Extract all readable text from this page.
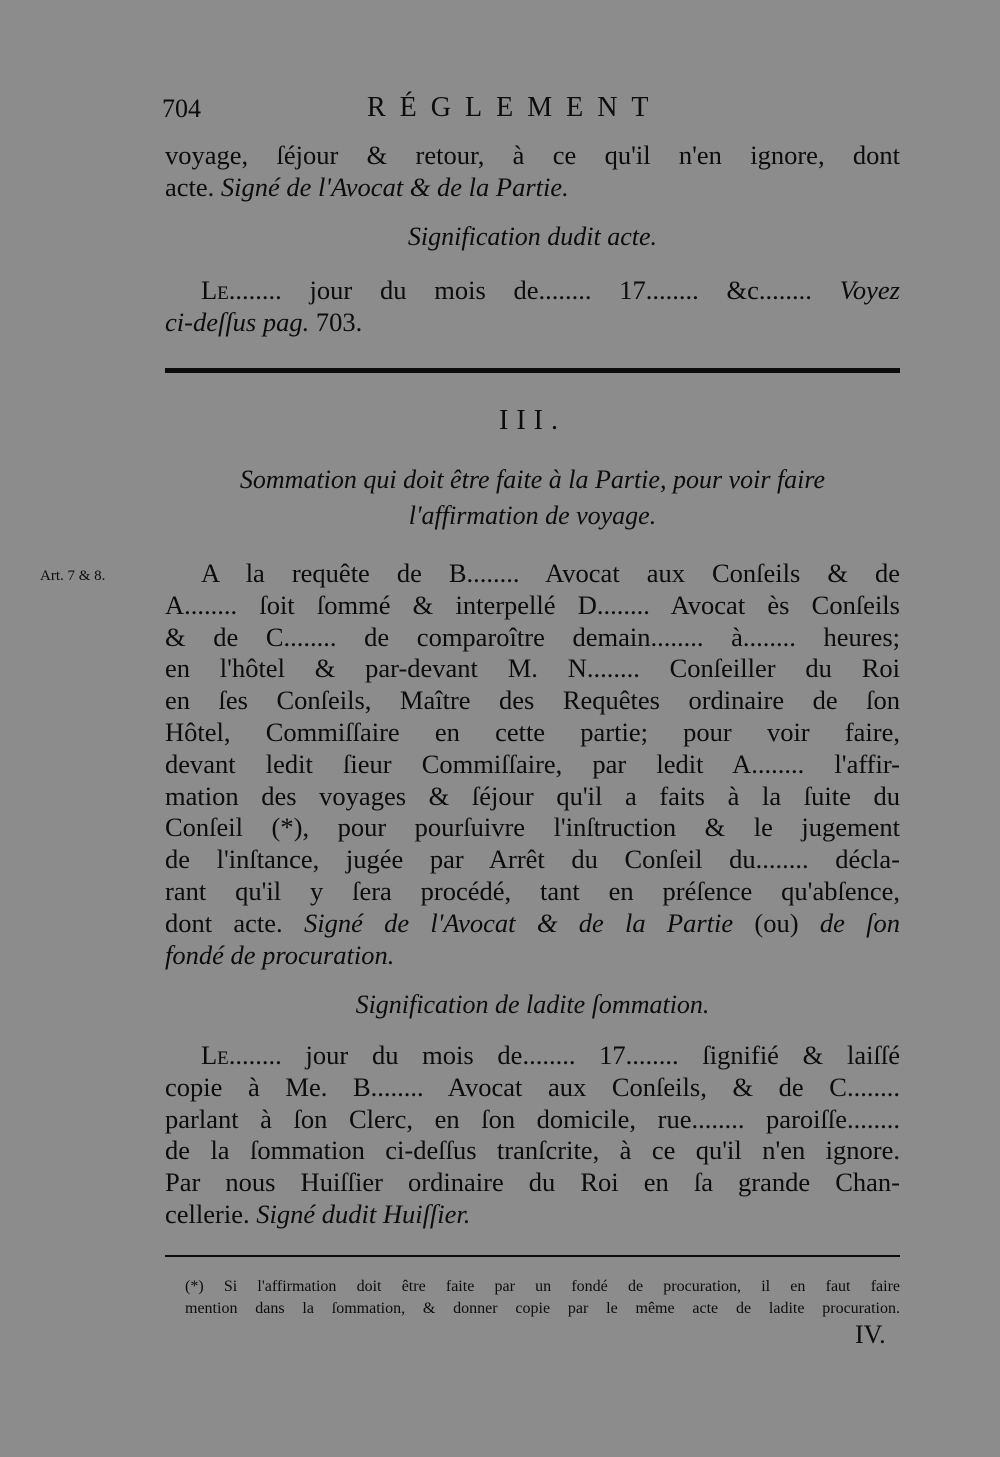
704	RÉGLEMENT
voyage, ſéjour & retour, à ce qu'il n'en ignore, dont
acte. Signé de l'Avocat & de la Partie.
Signification dudit acte.
Le........ jour du mois de........ 17........ &c........ Voyez
ci-deſſus pag. 703.
III.
Sommation qui doit être faite à la Partie, pour voir faire
l'affirmation de voyage.
Art. 7 & 8.	A la requête de B........ Avocat aux Conſeils & de
A........ ſoit ſommé & interpellé D........ Avocat ès Conſeils
& de C........ de comparoître demain........ à........ heures;
en l'hôtel & par-devant M. N........ Conſeiller du Roi
en ſes Conſeils, Maître des Requêtes ordinaire de ſon
Hôtel, Commiſſaire en cette partie; pour voir faire,
devant ledit ſieur Commiſſaire, par ledit A........ l'affir-
mation des voyages & ſéjour qu'il a faits à la ſuite du
Conſeil (*), pour pourſuivre l'inſtruction & le jugement
de l'inſtance, jugée par Arrêt du Conſeil du........ décla-
rant qu'il y ſera procédé, tant en préſence qu'abſence,
dont acte. Signé de l'Avocat & de la Partie (ou) de ſon
fondé de procuration.
Signification de ladite ſommation.
Le........ jour du mois de........ 17........ ſignifié & laiſſé
copie à Me. B........ Avocat aux Conſeils, & de C........
parlant à ſon Clerc, en ſon domicile, rue........ paroiſſe........
de la ſommation ci-deſſus tranſcrite, à ce qu'il n'en ignore.
Par nous Huiſſier ordinaire du Roi en ſa grande Chan-
cellerie. Signé dudit Huiſſier.
(*) Si l'affirmation doit être faite par un fondé de procuration, il en faut faire
mention dans la ſommation, & donner copie par le même acte de ladite procuration.
IV.
